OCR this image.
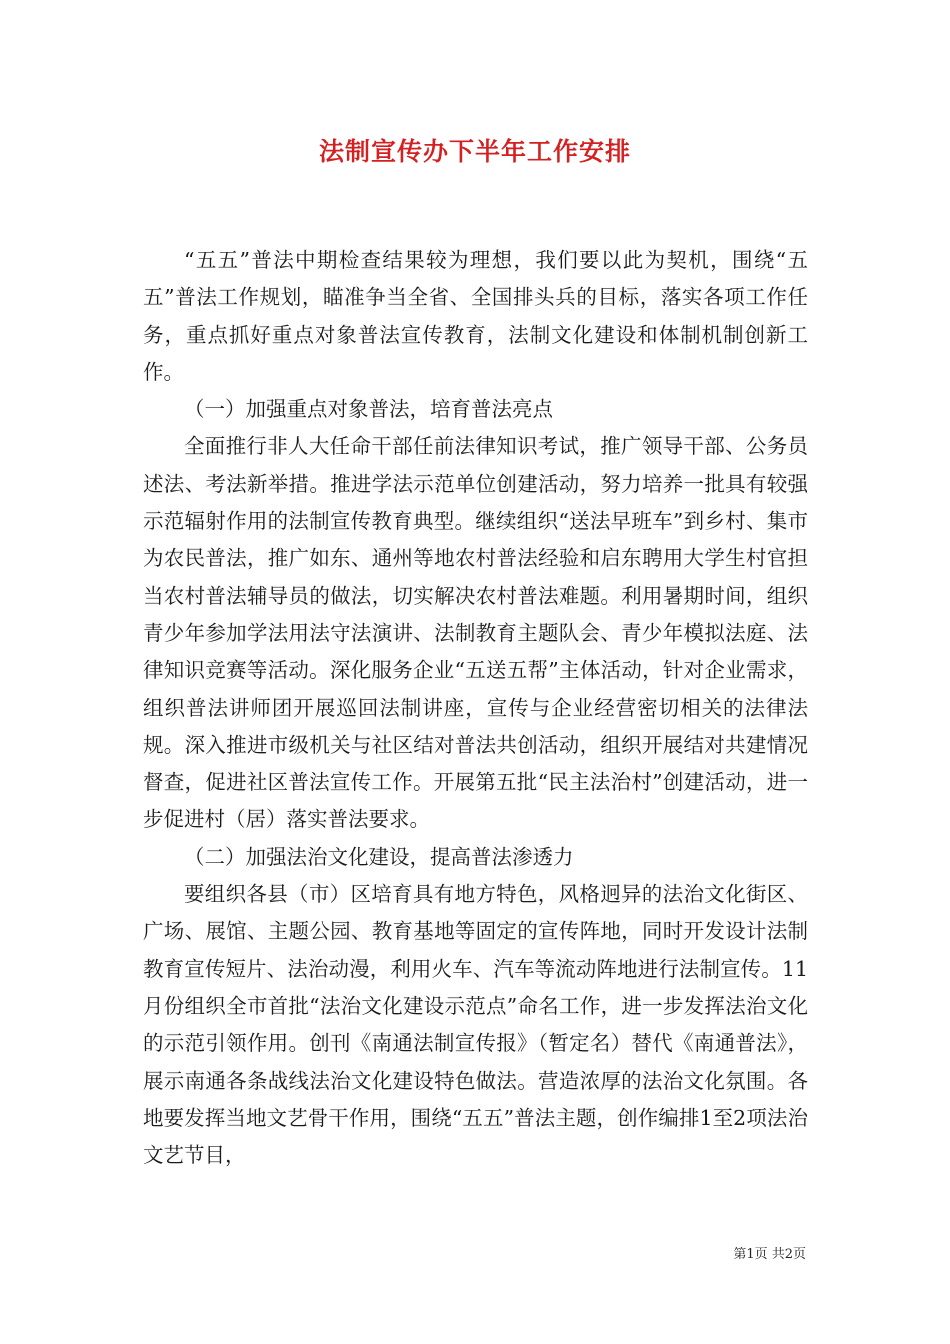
法制宣传办下半年工作安排

“五五”普法中期检查结果较为理想，我们要以此为契机，围绕“五五”普法工作规划，瞄准争当全省、全国排头兵的目标，落实各项工作任务，重点抓好重点对象普法宣传教育，法制文化建设和体制机制创新工作。

（一）加强重点对象普法，培育普法亮点

全面推行非人大任命干部任前法律知识考试，推广领导干部、公务员述法、考法新举措。推进学法示范单位创建活动，努力培养一批具有较强示范辐射作用的法制宣传教育典型。继续组织“送法早班车”到乡村、集市为农民普法，推广如东、通州等地农村普法经验和启东聘用大学生村官担当农村普法辅导员的做法，切实解决农村普法难题。利用暑期时间，组织青少年参加学法用法守法演讲、法制教育主题队会、青少年模拟法庭、法律知识竞赛等活动。深化服务企业“五送五帮”主体活动，针对企业需求，组织普法讲师团开展巡回法制讲座，宣传与企业经营密切相关的法律法规。深入推进市级机关与社区结对普法共创活动，组织开展结对共建情况督查，促进社区普法宣传工作。开展第五批“民主法治村”创建活动，进一步促进村（居）落实普法要求。

（二）加强法治文化建设，提高普法渗透力

要组织各县（市）区培育具有地方特色，风格迥异的法治文化街区、广场、展馆、主题公园、教育基地等固定的宣传阵地，同时开发设计法制教育宣传短片、法治动漫，利用火车、汽车等流动阵地进行法制宣传。11月份组织全市首批“法治文化建设示范点”命名工作，进一步发挥法治文化的示范引领作用。创刊《南通法制宣传报》（暂定名）替代《南通普法》，展示南通各条战线法治文化建设特色做法。营造浓厚的法治文化氛围。各地要发挥当地文艺骨干作用，围绕“五五”普法主题，创作编排1至2项法治文艺节目，

第1页 共2页
